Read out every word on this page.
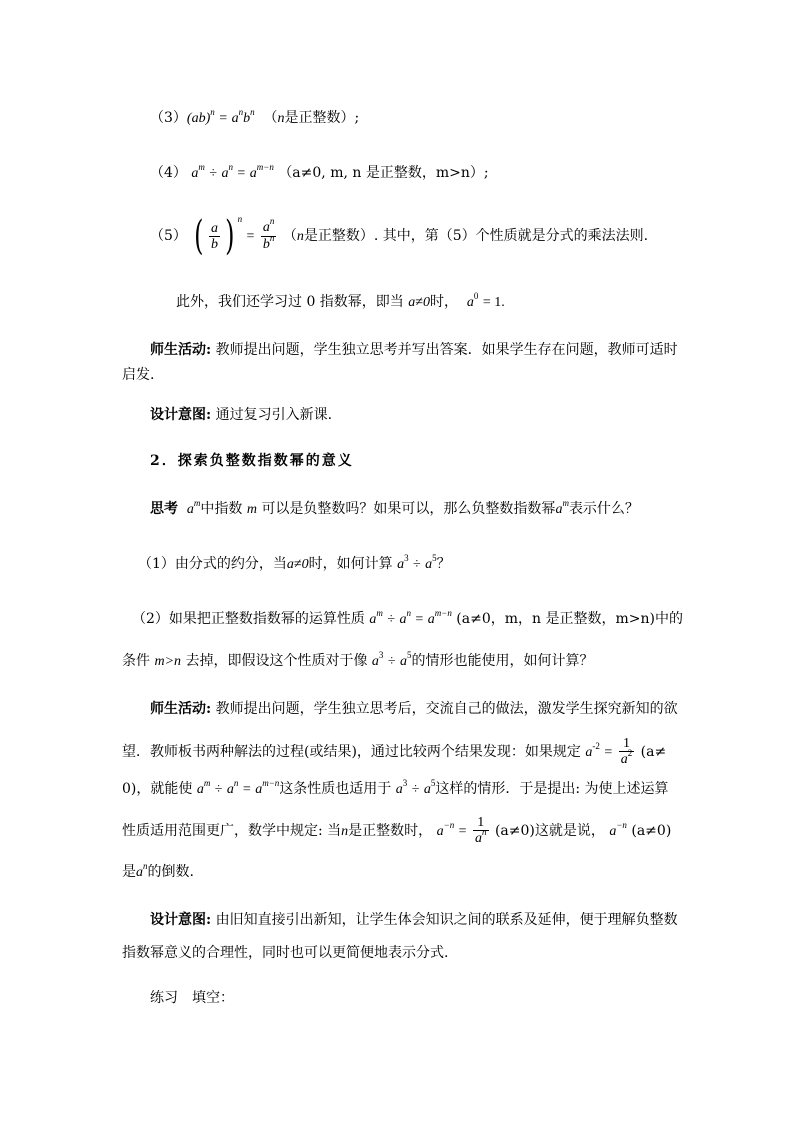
$(3)(ab)^n = a^nb^n$ （n是正整数）;
（4） $a^m \div a^n = a^{m-n}$ （a≠0, m, n 是正整数，m>n）;
（5） ( $\frac{a}{b}$ ) $^n = \frac{a^n}{b^n} (n$是正整数）. 其中，第（5）个性质就是分式的乘法法则.
此外，我们还学习过 0 指数幂，即当 a≠0时， $a^0 = 1$.
师生活动: 教师提出问题，学生独立思考并写出答案．如果学生存在问题，教师可适时
启发.
设计意图: 通过复习引入新课.
2．探索负整数指数幂的意义
思考 $a^m$中指数 m 可以是负整数吗？如果可以，那么负整数指数幂$a^m$表示什么？
（1）由分式的约分，当a≠0时，如何计算 $a^3 \div a^5$？
（2）如果把正整数指数幂的运算性质 $a^m \div a^n = a^{m-n}$ (a≠0，m，n 是正整数，m>n)中的
条件 m>n 去掉，即假设这个性质对于像 $a^3 \div a^5$的情形也能使用，如何计算？
师生活动: 教师提出问题，学生独立思考后，交流自己的做法，激发学生探究新知的欲
望．教师板书两种解法的过程(或结果)，通过比较两个结果发现：如果规定 $a^{-2} = \frac{1}{a^2} (a\ne$
0)，就能使 $a^m \div a^n = a^{m-n}$这条性质也适用于 $a^3 \div a^5$这样的情形．于是提出: 为使上述运算
性质适用范围更广，数学中规定: 当n是正整数时， $a^{-n} = \frac{1}{a^n} (a\ne 0)$这就是说， $a^{-n}$ (a≠0)
是$a^n$的倒数.
设计意图: 由旧知直接引出新知，让学生体会知识之间的联系及延伸，便于理解负整数
指数幂意义的合理性，同时也可以更简便地表示分式.
练习　填空：
